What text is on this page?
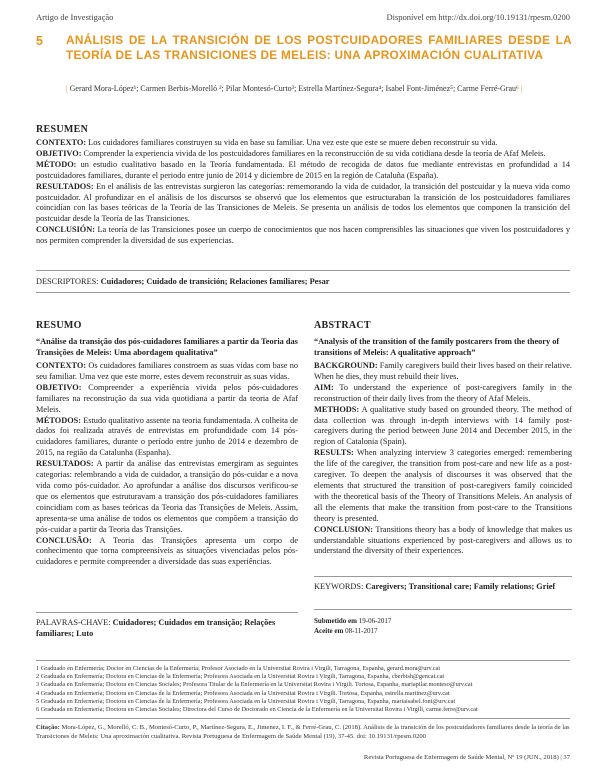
Artigo de Investigação	Disponível em http://dx.doi.org/10.19131/rpesm.0200
5 ANÁLISIS DE LA TRANSICIÓN DE LOS POSTCUIDADORES FAMILIARES DESDE LA TEORÍA DE LAS TRANSICIONES DE MELEIS: UNA APROXIMACIÓN CUALITATIVA
| Gerard Mora-López¹; Carmen Berbis-Morelló ²; Pilar Montesó-Curto³; Estrella Martínez-Segura⁴; Isabel Font-Jiménez⁵; Carme Ferré-Grau⁶ |
RESUMEN

CONTEXTO: Los cuidadores familiares construyen su vida en base su familiar. Una vez este que este se muere deben reconstruir su vida.

OBJETIVO: Comprender la experiencia vivida de los postcuidadores familiares en la reconstrucción de su vida cotidiana desde la teoría de Afaf Meleis.

MÉTODO: un estudio cualitativo basado en la Teoría fundamentada. El método de recogida de datos fue mediante entrevistas en profundidad a 14 postcuidadores familiares, durante el periodo entre junio de 2014 y diciembre de 2015 en la región de Cataluña (España).

RESULTADOS: En el análisis de las entrevistas surgieron las categorías: rememorando la vida de cuidador, la transición del postcuidar y la nueva vida como postcuidador. Al profundizar en el análisis de los discursos se observó que los elementos que estructuraban la transición de los postcuidadores familiares coincidían con las bases teóricas de la Teoría de las Transiciones de Meleis. Se presenta un análisis de todos los elementos que componen la transición del postcuidar desde la Teoría de las Transiciones.

CONCLUSIÓN: La teoría de las Transiciones posee un cuerpo de conocimientos que nos hacen comprensibles las situaciones que viven los postcuidadores y nos permiten comprender la diversidad de sus experiencias.

DESCRIPTORES: Cuidadores; Cuidado de transición; Relaciones familiares; Pesar
RESUMO
“Análise da transição dos pós-cuidadores familiares a partir da Teoria das Transições de Meleis: Uma abordagem qualitativa”

CONTEXTO: Os cuidadores familiares constroem as suas vidas com base no seu familiar. Uma vez que este morre, estes devem reconstruir as suas vidas.

OBJETIVO: Compreender a experiência vivida pelos pós-cuidadores familiares na reconstrução da sua vida quotidiana a partir da teoria de Afaf Meleis.

MÉTODOS: Estudo qualitativo assente na teoria fundamentada. A colheita de dados foi realizada através de entrevistas em profundidade com 14 pós-cuidadores familiares, durante o período entre junho de 2014 e dezembro de 2015, na região da Catalunha (Espanha).

RESULTADOS: A partir da análise das entrevistas emergiram as seguintes categorias: relembrando a vida de cuidador, a transição do pós-cuidar e a nova vida como pós-cuidador. Ao aprofundar a análise dos discursos verificou-se que os elementos que estruturavam a transição dos pós-cuidadores familiares coincidiam com as bases teóricas da Teoria das Transições de Meleis. Assim, apresenta-se uma análise de todos os elementos que compõem a transição do pós-cuidar a partir da Teoria das Transições.

CONCLUSÃO: A Teoria das Transições apresenta um corpo de conhecimento que torna compreensíveis as situações vivenciadas pelos pós-cuidadores e permite compreender a diversidade das suas experiências.

PALAVRAS-CHAVE: Cuidadores; Cuidados em transição; Relações familiares; Luto
ABSTRACT
“Analysis of the transition of the family postcarers from the theory of transitions of Meleis: A qualitative approach”

BACKGROUND: Family caregivers build their lives based on their relative. When he dies, they must rebuild their lives.

AIM: To understand the experience of post-caregivers family in the reconstruction of their daily lives from the theory of Afaf Meleis.

METHODS: A qualitative study based on grounded theory. The method of data collection was through in-depth interviews with 14 family post-caregivers during the period between June 2014 and December 2015, in the region of Catalonia (Spain).

RESULTS: When analyzing interview 3 categories emerged: remembering the life of the caregiver, the transition from post-care and new life as a post-caregiver. To deepen the analysis of discourses it was observed that the elements that structured the transition of post-caregivers family coincided with the theoretical basis of the Theory of Transitions Meleis. An analysis of all the elements that make the transition from post-care to the Transitions theory is presented.

CONCLUSION: Transitions theory has a body of knowledge that makes us understandable situations experienced by post-caregivers and allows us to understand the diversity of their experiences.

KEYWORDS: Caregivers; Transitional care; Family relations; Grief
Submetido em 19-06-2017
Aceite em 08-11-2017
1 Graduado en Enfermería; Doctor en Ciencias de la Enfermería; Profesor Asociado en la Universitat Rovira i Virgili, Tarragona, Espanha, gerard.mora@urv.cat
2 Graduada en Enfermería; Doctora en Ciencias de la Enfermería; Profesora Asociada en la Universitat Rovira i Virgili, Tarragona, Espanha, cberbish@gencat.cat
3 Graduada en Enfermería; Doctora en Ciencias Sociales; Profesora Titular de la Enfermería en la Universitat Rovira i Virgili. Tortosa, Espanha, mariapilar.monteso@urv.cat
4 Graduada en Enfermería; Doctora en Ciencias de la Enfermería; Profesora Asociada en la Universitat Rovira i Virgili. Tortosa, Espanha, estrella.martinez@urv.cat
5 Graduada en Enfermería; Doctora en Ciencias de la Enfermería; Profesora Asociada en la Universitat Rovira i Virgili, Tarragona, Espanha, mariaisabel.font@urv.cat
6 Graduada en Enfermería; Doctora en Ciencias Sociales; Directora del Curso de Doctorado en Ciencia de la Enfermería en la Universitat Rovira i Virgili, carme.ferre@urv.cat
Citação: Mora-López, G., Morelló, C. B., Montesó-Curto, P., Martínez-Segura, E., Jimenez, I. F., & Ferré-Grau, C. (2018). Análisis de la transición de los postcuidadores familiares desde la teoría de las Transiciones de Meleis: Una aproximación cualitativa. Revista Portuguesa de Enfermagem de Saúde Mental (19), 37-45. doi: 10.19131/rpesm.0200
Revista Portuguesa de Enfermagem de Saúde Mental, Nº 19 (JUN., 2018) | 37
